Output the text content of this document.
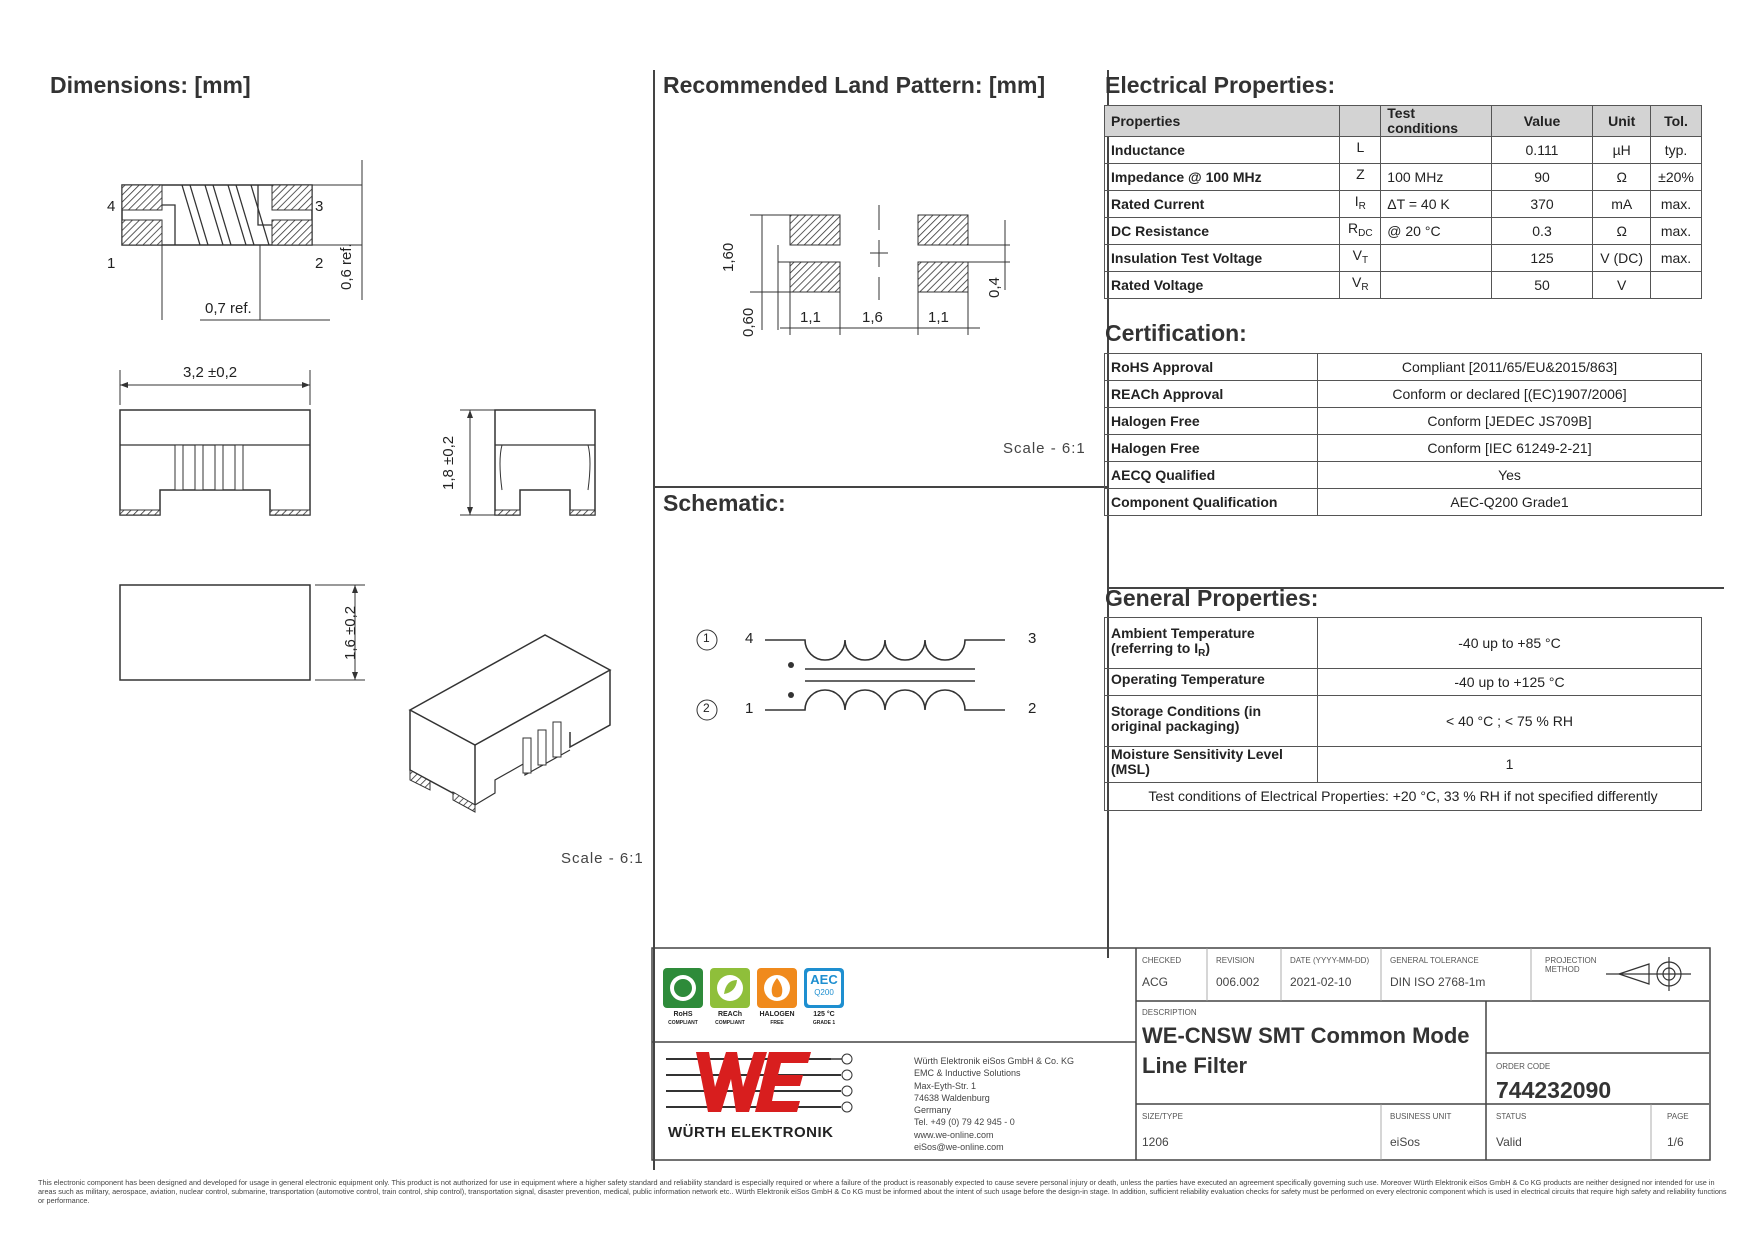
Dimensions: [mm]
4	3
1	2
0,7 ref.
0,6 ref.
3,2 ±0,2
1,8 ±0,2
1,6 ±0,2
Scale - 6:1
Recommended Land Pattern: [mm]
1,60
0,60	1,1	1,6	1,1
0,4
Scale - 6:1
Schematic:
1
2
4	3
1	2
Electrical Properties:
Properties		Test conditions	Value	Unit	Tol.
Inductance	L		0.111	µH	typ.
Impedance @ 100 MHz	Z	100 MHz	90	Ω	±20%
Rated Current	$I_R$	ΔT = 40 K	370	mA	max.
DC Resistance	$R_{DC}$	@ 20 °C	0.3	Ω	max.
Insulation Test Voltage	$V_T$		125	V (DC)	max.
Rated Voltage	$V_R$		50	V	
Certification:
RoHS Approval	Compliant [2011/65/EU&2015/863]
REACh Approval	Conform or declared [(EC)1907/2006]
Halogen Free	Conform [JEDEC JS709B]
Halogen Free	Conform [IEC 61249-2-21]
AECQ Qualified	Yes
Component Qualification	AEC-Q200 Grade1
General Properties:
Ambient Temperature (referring to $I_R$)	-40 up to +85 °C
Operating Temperature	-40 up to +125 °C
Storage Conditions (in original packaging)	< 40 °C ; < 75 % RH
Moisture Sensitivity Level (MSL)	1
Test conditions of Electrical Properties: +20 °C, 33 % RH if not specified differently	
AEC
Q200
RoHS
COMPLIANT
REACh
COMPLIANT
HALOGEN
FREE
125 °C
GRADE 1
WÜRTH ELEKTRONIK
Würth Elektronik eiSos GmbH & Co. KG
EMC & Inductive Solutions
Max-Eyth-Str. 1
74638 Waldenburg
Germany
Tel. +49 (0) 79 42 945 - 0
www.we-online.com
eiSos@we-online.com
CHECKED
ACG
REVISION
006.002
DATE (YYYY-MM-DD)
2021-02-10
GENERAL TOLERANCE
DIN ISO 2768-1m
PROJECTION METHOD
DESCRIPTION
WE-CNSW SMT Common Mode
Line Filter	ORDER CODE
744232090
SIZE/TYPE
1206
BUSINESS UNIT
eiSos
STATUS
Valid
PAGE
1/6
This electronic component has been designed and developed for usage in general electronic equipment only. This product is not authorized for use in equipment where a higher safety standard and reliability standard is especially required or where a failure of the product is reasonably expected to cause severe personal injury or death, unless the parties have executed an agreement specifically governing such use. Moreover Würth Elektronik eiSos GmbH & Co KG products are neither designed nor intended for use in areas such as military, aerospace, aviation, nuclear control, submarine, transportation (automotive control, train control, ship control), transportation signal, disaster prevention, medical, public information network etc.. Würth Elektronik eiSos GmbH & Co KG must be informed about the intent of such usage before the design-in stage. In addition, sufficient reliability evaluation checks for safety must be performed on every electronic component which is used in electrical circuits that require high safety and reliability functions or performance.
